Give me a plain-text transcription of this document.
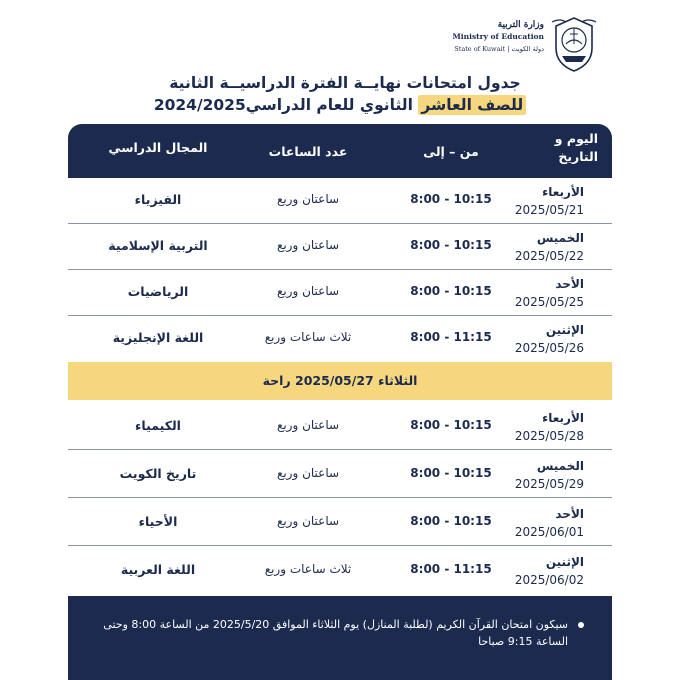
وزارة التربية
Ministry of Education
State of Kuwait | دولة الكويت
جدول امتحانات نهايــة الفترة الدراسيــة الثانية
للصف العاشر الثانوي للعام الدراسي2024/2025
اليوم و
التاريخ
من – إلى
عدد الساعات
المجال الدراسي
الأربعاء
2025/05/21
8:00 - 10:15
ساعتان وربع
الفيزياء
الخميس
2025/05/22
8:00 - 10:15
ساعتان وربع
التربية الإسلامية
الأحد
2025/05/25
8:00 - 10:15
ساعتان وربع
الرياضيات
الإثنين
2025/05/26
8:00 - 11:15
ثلاث ساعات وربع
اللغة الإنجليزية
الثلاثاء 2025/05/27 راحة
الأربعاء
2025/05/28
8:00 - 10:15
ساعتان وربع
الكيمياء
الخميس
2025/05/29
8:00 - 10:15
ساعتان وربع
تاريخ الكويت
الأحد
2025/06/01
8:00 - 10:15
ساعتان وربع
الأحياء
الإثنين
2025/06/02
8:00 - 11:15
ثلاث ساعات وربع
اللغة العربية
سيكون امتحان القرآن الكريم (لطلبة المنازل) يوم الثلاثاء الموافق 2025/5/20 من الساعة 8:00 وحتى الساعة 9:15 صباحا
